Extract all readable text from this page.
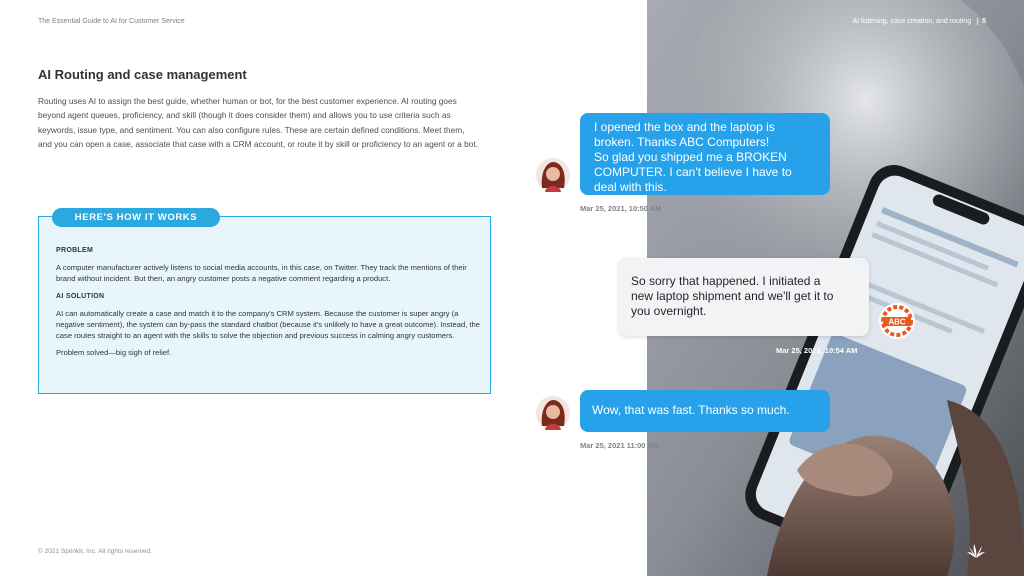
The Essential Guide to AI for Customer Service
AI Routing and case management
Routing uses AI to assign the best guide, whether human or bot, for the best customer experience. AI routing goes beyond agent queues, proficiency, and skill (though it does consider them) and allows you to use criteria such as keywords, issue type, and sentiment. You can also configure rules. These are certain defined conditions. Meet them, and you can open a case, associate that case with a CRM account, or route it by skill or proficiency to an agent or a bot.
HERE'S HOW IT WORKS
PROBLEM

A computer manufacturer actively listens to social media accounts, in this case, on Twitter. They track the mentions of their brand without incident. But then, an angry customer posts a negative comment regarding a product.

AI SOLUTION

AI can automatically create a case and match it to the company's CRM system. Because the customer is super angry (a negative sentiment), the system can by-pass the standard chatbot (because it's unlikely to have a great outcome). Instead, the case routes straight to an agent with the skills to solve the objection and previous success in calming angry customers.

Problem solved—big sigh of relief.

© 2021 Sprinklr, Inc. All rights reserved.
AI listening, case creation, and routing 5
I opened the box and the laptop is
broken. Thanks ABC Computers!
So glad you shipped me a BROKEN
COMPUTER. I can't believe I have to
deal with this.
Mar 25, 2021, 10:50 AM
So sorry that happened. I initiated a
new laptop shipment and we'll get it to
you overnight.
ABC
Mar 25, 2021, 10:54 AM
Wow, that was fast. Thanks so much.
Mar 25, 2021 11:00 AM
